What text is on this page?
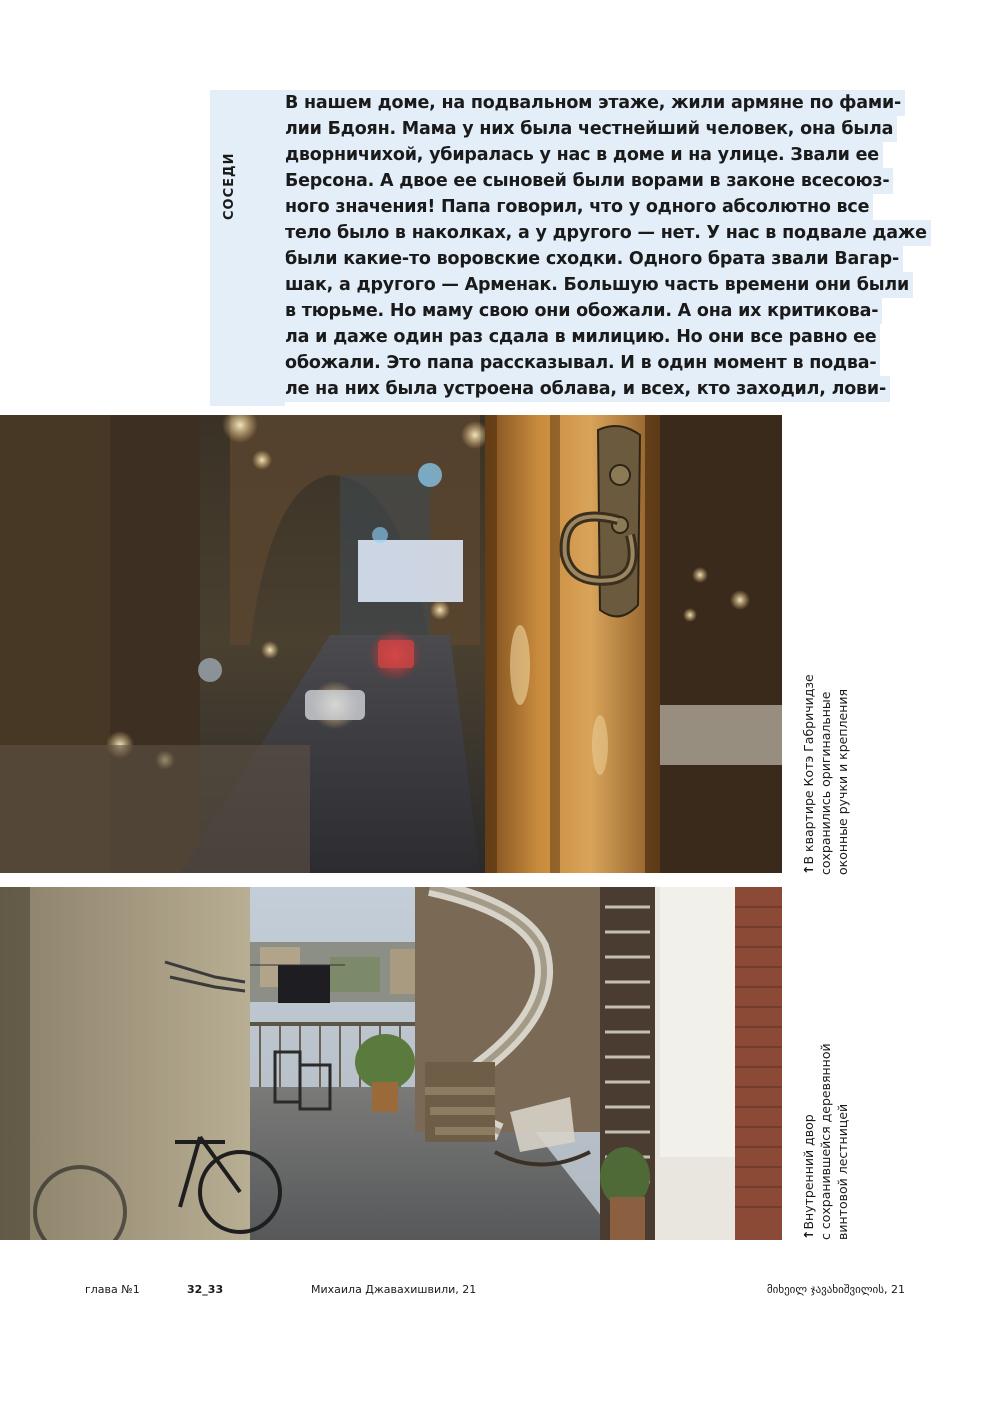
СОСЕДИ
В нашем доме, на подвальном этаже, жили армяне по фами-
лии Бдоян. Мама у них была честнейший человек, она была
дворничихой, убиралась у нас в доме и на улице. Звали ее
Берсона. А двое ее сыновей были ворами в законе всесоюз-
ного значения! Папа говорил, что у одного абсолютно все
тело было в наколках, а у другого — нет. У нас в подвале даже
были какие-то воровские сходки. Одного брата звали Вагар-
шак, а другого — Арменак. Большую часть времени они были
в тюрьме. Но маму свою они обожали. А она их критикова-
ла и даже один раз сдала в милицию. Но они все равно ее
обожали. Это папа рассказывал. И в один момент в подва-
ле на них была устроена облава, и всех, кто заходил, лови-
↑В квартире Котэ Габричидзе сохранились оригинальные оконные ручки и крепления
↑Внутренний двор с сохранившейся деревянной винтовой лестницей
глава №1	32_33	Михаила Джавахишвили, 21	მიხეილ ჯავახიშვილის, 21
